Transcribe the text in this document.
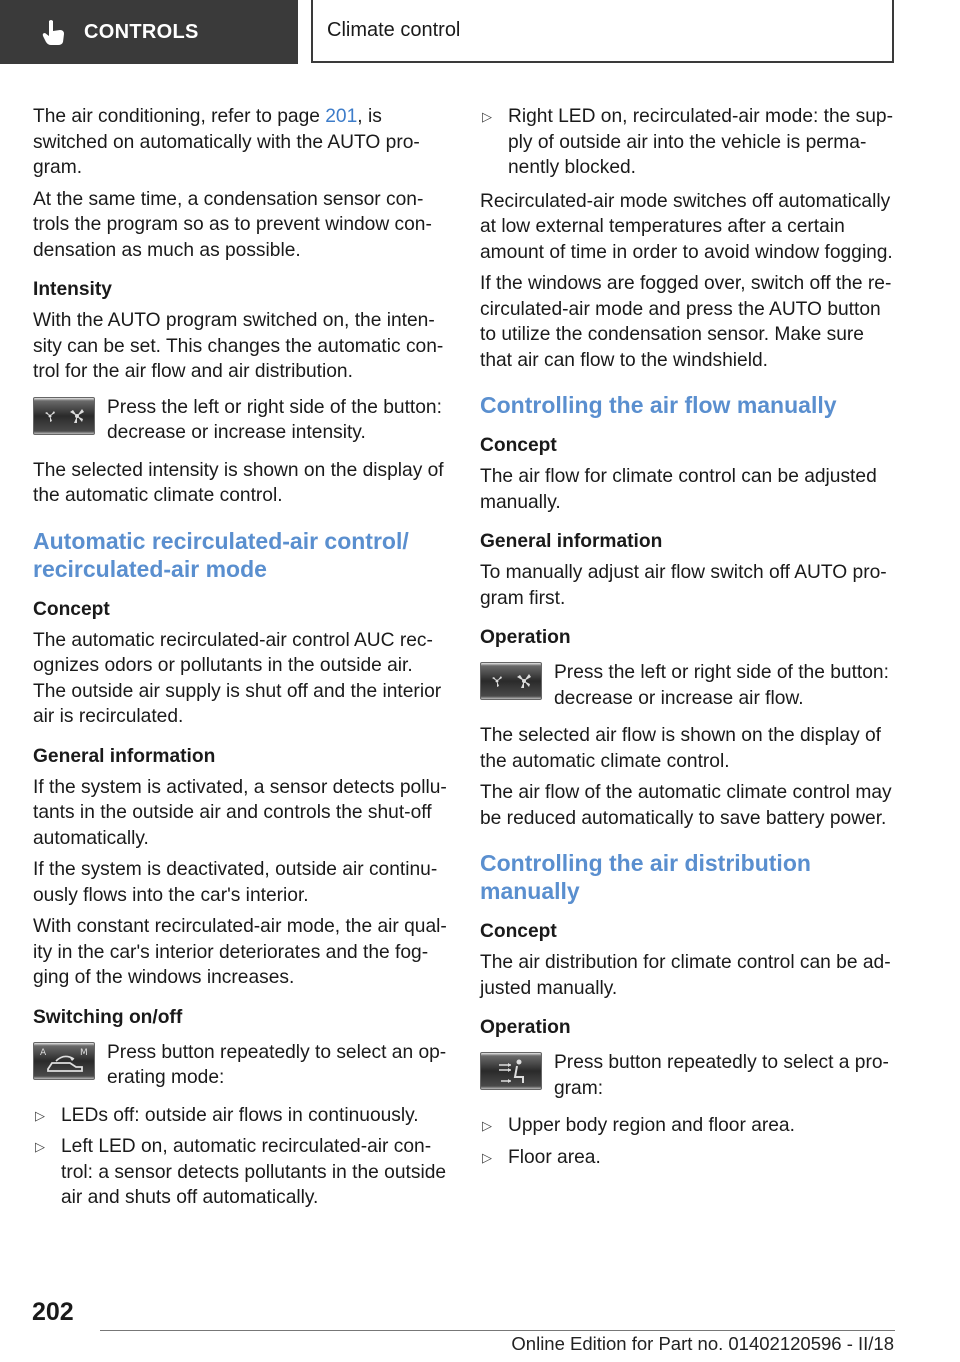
CONTROLS	Climate control

The air conditioning, refer to page 201, is switched on automatically with the AUTO program.

At the same time, a condensation sensor controls the program so as to prevent window condensation as much as possible.

Intensity

With the AUTO program switched on, the intensity can be set. This changes the automatic control for the air flow and air distribution.

Press the left or right side of the button: decrease or increase intensity.

The selected intensity is shown on the display of the automatic climate control.

Automatic recirculated-air control/ recirculated-air mode
Concept

The automatic recirculated-air control AUC recognizes odors or pollutants in the outside air. The outside air supply is shut off and the interior air is recirculated.

General information

If the system is activated, a sensor detects pollutants in the outside air and controls the shut-off automatically.

If the system is deactivated, outside air continuously flows into the car's interior.

With constant recirculated-air mode, the air quality in the car's interior deteriorates and the fogging of the windows increases.

Switching on/off
A	M Press button repeatedly to select an operating mode:
▷ LEDs off: outside air flows in continuously.
▷ Left LED on, automatic recirculated-air control: a sensor detects pollutants in the outside air and shuts off automatically.
▷ Right LED on, recirculated-air mode: the supply of outside air into the vehicle is permanently blocked.

Recirculated-air mode switches off automatically at low external temperatures after a certain amount of time in order to avoid window fogging.

If the windows are fogged over, switch off the recirculated-air mode and press the AUTO button to utilize the condensation sensor. Make sure that air can flow to the windshield.

Controlling the air flow manually
Concept

The air flow for climate control can be adjusted manually.

General information

To manually adjust air flow switch off AUTO program first.

Operation
Press the left or right side of the button: decrease or increase air flow.

The selected air flow is shown on the display of the automatic climate control.

The air flow of the automatic climate control may be reduced automatically to save battery power.

Controlling the air distribution manually
Concept

The air distribution for climate control can be adjusted manually.

Operation
Press button repeatedly to select a program:
▷ Upper body region and floor area.
▷ Floor area.
202
Online Edition for Part no. 01402120596 - II/18
